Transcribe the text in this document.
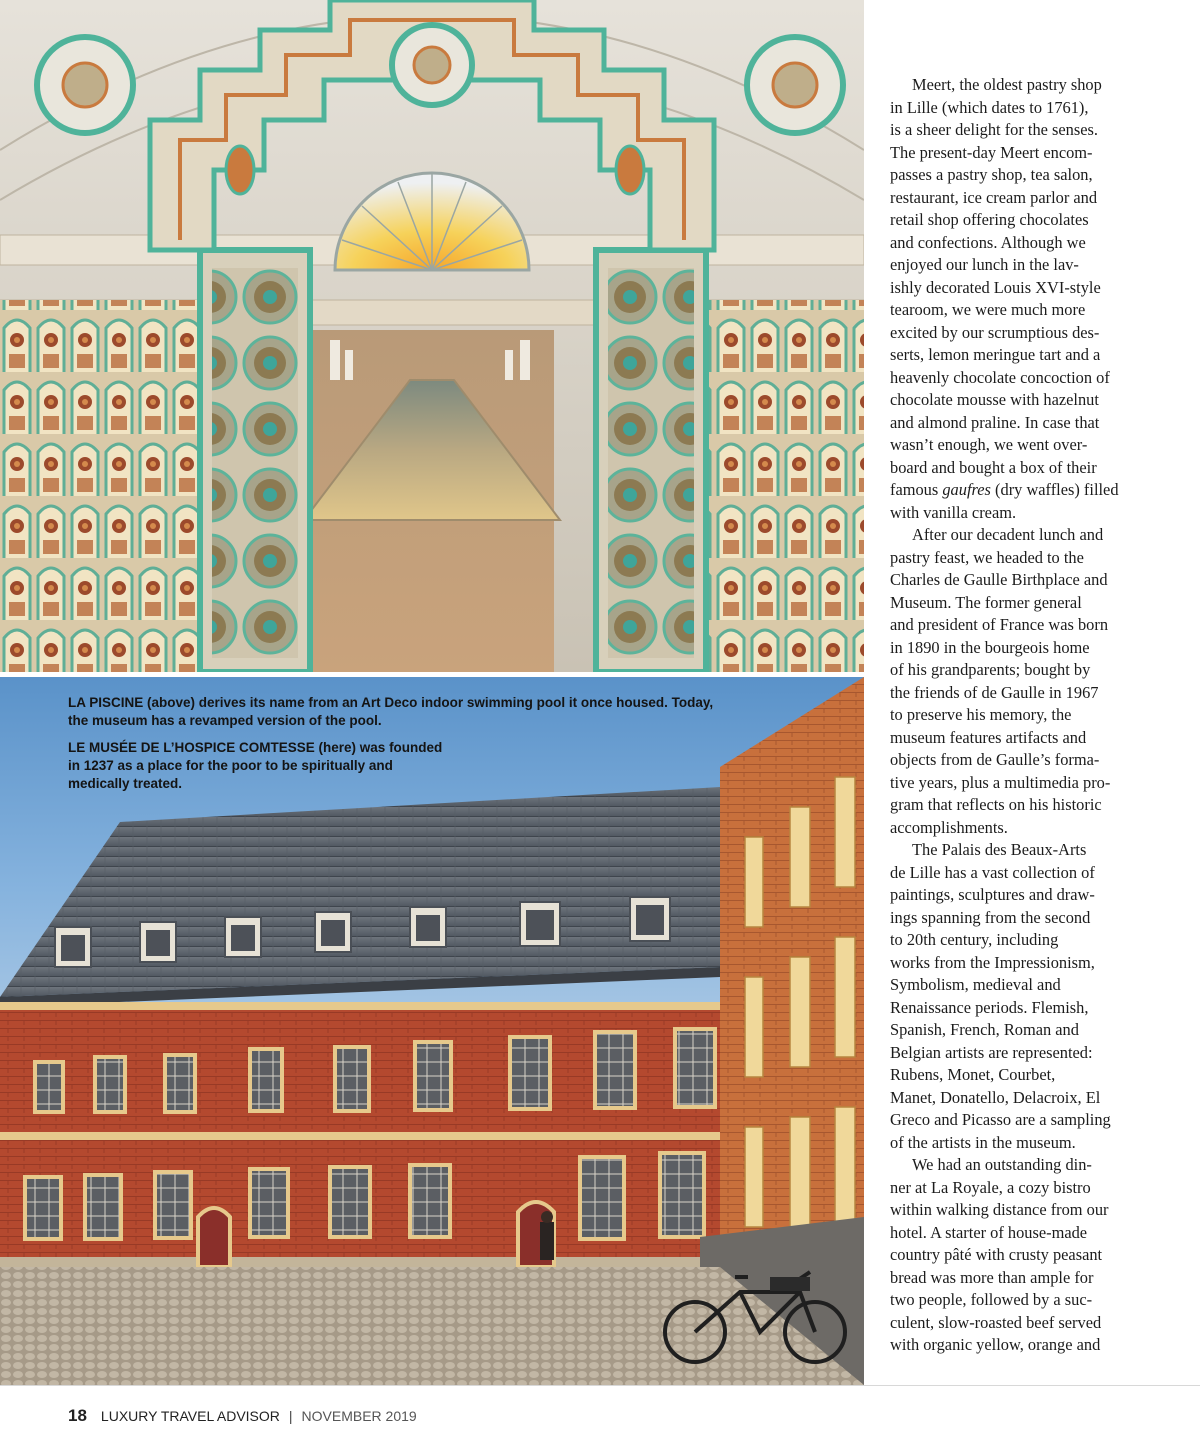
LA PISCINE (above) derives its name from an Art Deco indoor swimming pool it once housed. Today, the museum has a revamped version of the pool.

LE MUSÉE DE L’HOSPICE COMTESSE (here) was founded in 1237 as a place for the poor to be spiritually and medically treated.

Meert, the oldest pastry shop
in Lille (which dates to 1761),
is a sheer delight for the senses.
The present-day Meert encom-
passes a pastry shop, tea salon,
restaurant, ice cream parlor and
retail shop offering chocolates
and confections. Although we
enjoyed our lunch in the lav-
ishly decorated Louis XVI-style
tearoom, we were much more
excited by our scrumptious des-
serts, lemon meringue tart and a
heavenly chocolate concoction of
chocolate mousse with hazelnut
and almond praline. In case that
wasn’t enough, we went over-
board and bought a box of their
famous gaufres (dry waffles) filled
with vanilla cream.

After our decadent lunch and
pastry feast, we headed to the
Charles de Gaulle Birthplace and
Museum. The former general
and president of France was born
in 1890 in the bourgeois home
of his grandparents; bought by
the friends of de Gaulle in 1967
to preserve his memory, the
museum features artifacts and
objects from de Gaulle’s forma-
tive years, plus a multimedia pro-
gram that reflects on his historic
accomplishments.

The Palais des Beaux-Arts
de Lille has a vast collection of
paintings, sculptures and draw-
ings spanning from the second
to 20th century, including
works from the Impressionism,
Symbolism, medieval and
Renaissance periods. Flemish,
Spanish, French, Roman and
Belgian artists are represented:
Rubens, Monet, Courbet,
Manet, Donatello, Delacroix, El
Greco and Picasso are a sampling
of the artists in the museum.

We had an outstanding din-
ner at La Royale, a cozy bistro
within walking distance from our
hotel. A starter of house-made
country pâté with crusty peasant
bread was more than ample for
two people, followed by a suc-
culent, slow-roasted beef served
with organic yellow, orange and

18 LUXURY TRAVEL ADVISOR | NOVEMBER 2019
